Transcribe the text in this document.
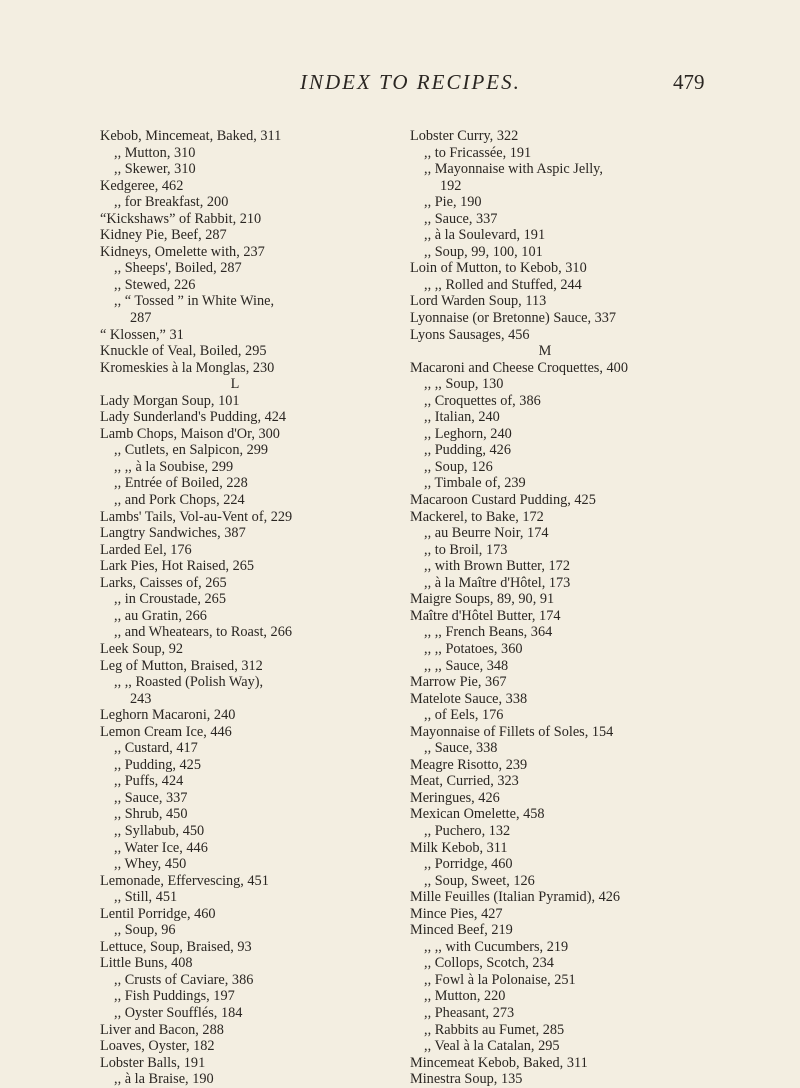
INDEX TO RECIPES.	479
Kebob, Mincemeat, Baked, 311
,, Mutton, 310
,, Skewer, 310
Kedgeree, 462
,, for Breakfast, 200
“Kickshaws” of Rabbit, 210
Kidney Pie, Beef, 287
Kidneys, Omelette with, 237
,, Sheeps', Boiled, 287
,, Stewed, 226
,, “ Tossed ” in White Wine,
287
“ Klossen,” 31
Knuckle of Veal, Boiled, 295
Kromeskies à la Monglas, 230
L
Lady Morgan Soup, 101
Lady Sunderland's Pudding, 424
Lamb Chops, Maison d'Or, 300
,, Cutlets, en Salpicon, 299
,, ,, à la Soubise, 299
,, Entrée of Boiled, 228
,, and Pork Chops, 224
Lambs' Tails, Vol-au-Vent of, 229
Langtry Sandwiches, 387
Larded Eel, 176
Lark Pies, Hot Raised, 265
Larks, Caisses of, 265
,, in Croustade, 265
,, au Gratin, 266
,, and Wheatears, to Roast, 266
Leek Soup, 92
Leg of Mutton, Braised, 312
,, ,, Roasted (Polish Way),
243
Leghorn Macaroni, 240
Lemon Cream Ice, 446
,, Custard, 417
,, Pudding, 425
,, Puffs, 424
,, Sauce, 337
,, Shrub, 450
,, Syllabub, 450
,, Water Ice, 446
,, Whey, 450
Lemonade, Effervescing, 451
,, Still, 451
Lentil Porridge, 460
,, Soup, 96
Lettuce, Soup, Braised, 93
Little Buns, 408
,, Crusts of Caviare, 386
,, Fish Puddings, 197
,, Oyster Soufflés, 184
Liver and Bacon, 288
Loaves, Oyster, 182
Lobster Balls, 191
,, à la Braise, 190
Lobster Curry, 322
,, to Fricassée, 191
,, Mayonnaise with Aspic Jelly,
192
,, Pie, 190
,, Sauce, 337
,, à la Soulevard, 191
,, Soup, 99, 100, 101
Loin of Mutton, to Kebob, 310
,, ,, Rolled and Stuffed, 244
Lord Warden Soup, 113
Lyonnaise (or Bretonne) Sauce, 337
Lyons Sausages, 456
M
Macaroni and Cheese Croquettes, 400
,, ,, Soup, 130
,, Croquettes of, 386
,, Italian, 240
,, Leghorn, 240
,, Pudding, 426
,, Soup, 126
,, Timbale of, 239
Macaroon Custard Pudding, 425
Mackerel, to Bake, 172
,, au Beurre Noir, 174
,, to Broil, 173
,, with Brown Butter, 172
,, à la Maître d'Hôtel, 173
Maigre Soups, 89, 90, 91
Maître d'Hôtel Butter, 174
,, ,, French Beans, 364
,, ,, Potatoes, 360
,, ,, Sauce, 348
Marrow Pie, 367
Matelote Sauce, 338
,, of Eels, 176
Mayonnaise of Fillets of Soles, 154
,, Sauce, 338
Meagre Risotto, 239
Meat, Curried, 323
Meringues, 426
Mexican Omelette, 458
,, Puchero, 132
Milk Kebob, 311
,, Porridge, 460
,, Soup, Sweet, 126
Mille Feuilles (Italian Pyramid), 426
Mince Pies, 427
Minced Beef, 219
,, ,, with Cucumbers, 219
,, Collops, Scotch, 234
,, Fowl à la Polonaise, 251
,, Mutton, 220
,, Pheasant, 273
,, Rabbits au Fumet, 285
,, Veal à la Catalan, 295
Mincemeat Kebob, Baked, 311
Minestra Soup, 135
